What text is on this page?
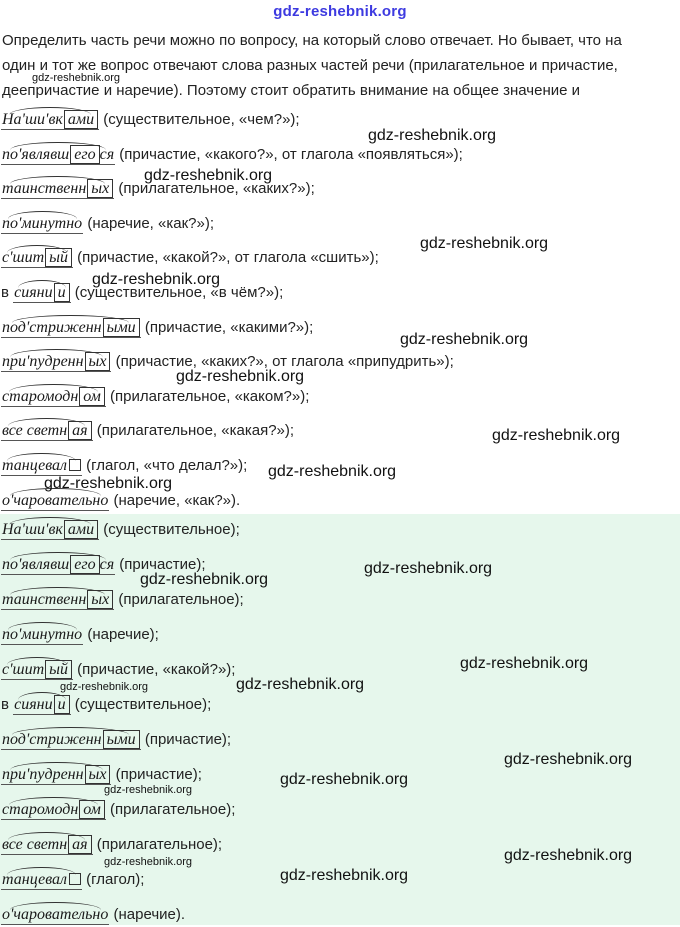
gdz-reshebnik.org

Определить часть речи можно по вопросу, на который слово отвечает. Но бывает, что на

один и тот же вопрос отвечают слова разных частей речи (прилагательное и причастие,

деепричастие и наречие). Поэтому стоит обратить внимание на общее значение и

На'ши'вк ами (существительное, «чем?»);
по'являвш его ся (причастие, «какого?», от глагола «появляться»);
таинственн ых (прилагательное, «каких?»);
по'минутно (наречие, «как?»);
с'шит ый (причастие, «какой?», от глагола «сшить»);
в сияни и (существительное, «в чём?»);
под'стриженн ыми (причастие, «какими?»);
при'пудренн ых (причастие, «каких?», от глагола «припудрить»);
старомодн ом (прилагательное, «каком?»);
все светн ая (прилагательное, «какая?»);
танцевал (глагол, «что делал?»);
о'чаровательно (наречие, «как?»).
На'ши'вк ами (существительное);
по'являвш его ся (причастие);
таинственн ых (прилагательное);
по'минутно (наречие);
с'шит ый (причастие, «какой?»);
в сияни и (существительное);
под'стриженн ыми (причастие);
при'пудренн ых (причастие);
старомодн ом (прилагательное);
все светн ая (прилагательное);
танцевал (глагол);
о'чаровательно (наречие).
gdz-reshebnik.org
gdz-reshebnik.org
gdz-reshebnik.org
gdz-reshebnik.org
gdz-reshebnik.org
gdz-reshebnik.org
gdz-reshebnik.org
gdz-reshebnik.org
gdz-reshebnik.org
gdz-reshebnik.org
gdz-reshebnik.org
gdz-reshebnik.org
gdz-reshebnik.org
gdz-reshebnik.org	gdz-reshebnik.org
gdz-reshebnik.org
gdz-reshebnik.org
gdz-reshebnik.org
gdz-reshebnik.org
gdz-reshebnik.org
gdz-reshebnik.org
